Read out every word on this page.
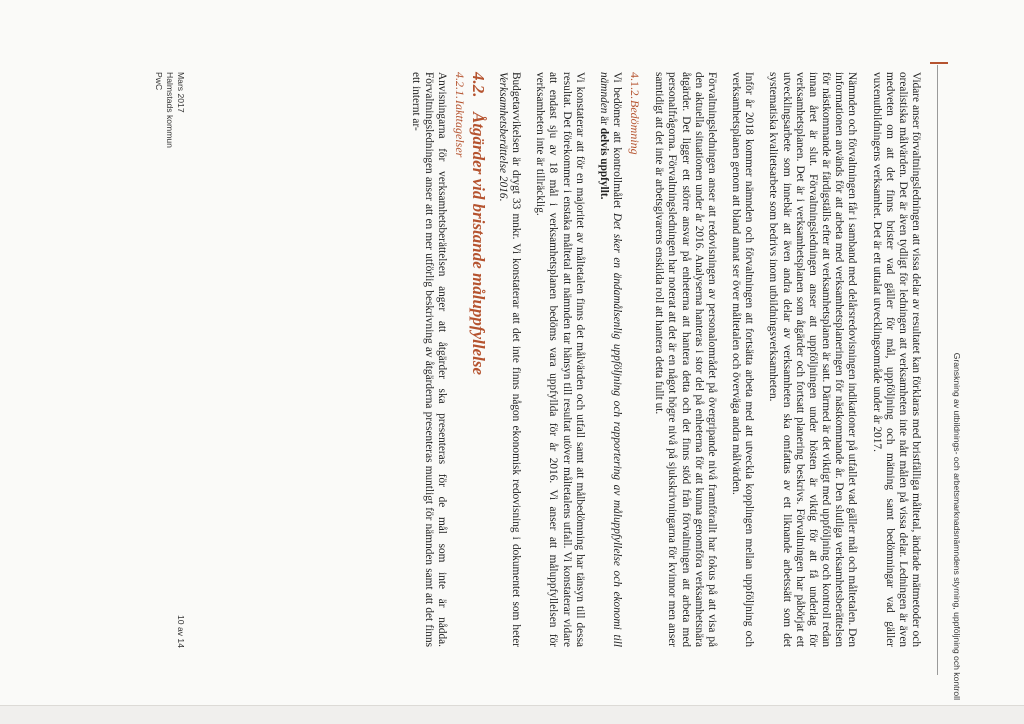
Granskning av utbildnings- och arbetsmarknadsnämndens styrning, uppföljning och kontroll

Vidare anser förvaltningsledningen att vissa delar av resultatet kan förklaras med bristfälliga måltetal, ändrade mätmetoder och orealistiska målvärden. Det är även tydligt för ledningen att verksamheten inte nått målen på vissa delar. Ledningen är även medveten om att det finns brister vad gäller för mål, uppföljning och mätning samt bedömningar vad gäller vuxenutbildningens verksamhet. Det är ett uttalat utvecklingsområde under år 2017.

Nämnden och förvaltningen får i samband med delårsredovisningen indikationer på utfallet vad gäller mål och måltetalen. Den informationen används för att arbeta med verksamhetsplaneringen för nästkommande år. Den slutliga verksamhetsberättelsen för nästkommande är färdigställs efter att verksamhetsplanen är satt. Därmed är det viktigt med uppföljning och kontroll redan innan året är slut. Förvaltningsledningen anser att uppföljningen under hösten är viktig för att få underlag för verksamhetsplanen. Det är i verksamhetsplanen som åtgärder och fortsatt planering beskrivs. Förvaltningen har påbörjat ett utvecklingsarbete som innebär att även andra delar av verksamheten ska omfattas av ett liknande arbetssätt som det systematiska kvalitetsarbete som bedrivs inom utbildningsverksamheten.

Inför år 2018 kommer nämnden och förvaltningen att fortsätta arbeta med att utveckla kopplingen mellan uppföljning och verksamhetsplanen genom att bland annat ser över måltetalen och överväga andra målvärden.

Förvaltningsledningen anser att redovisningen av personalområdet på övergripande nivå framförallt har fokus på att visa på den aktuella situationen under år 2016. Analyserna hanteras i stor del på enheterna för att kunna genomföra verksamhetsnära åtgärder. Det ligger ett större ansvar på enheterna att hantera detta och det finns stöd från förvaltningen att arbeta med personalfrågorna. Förvaltningsledningen har noterat att det är en något högre nivå på sjukskrivningarna för kvinnor men anser samtidigt att det inte är arbetsgivarens enskilda roll att hantera detta fullt ut.

4.1.2.Bedömning

Vi bedömer att kontrollmålet Det sker en ändamålsenlig uppföljning och rapportering av måluppfyllelse och ekonomi till nämnden är delvis uppfyllt.

Vi konstaterar att för en majoritet av måltetalen finns det målvärden och utfall samt att målbedömning har tänsyn till dessa resultat. Det förekommer i enstaka måltetal att nämnden tar hänsyn till resultat utöver måltetalens utfall. Vi konstaterar vidare att endast sju av 18 mål i verksamhetsplanen bedöms vara uppfyllda för år 2016. Vi anser att måluppfyllelsen för verksamheten inte är tillräcklig.

Budgetavvikelsen är drygt 33 mnkr. Vi konstaterar att det inte finns någon ekonomisk redovisning i dokumentet som heter Verksamhetsberättelse 2016.

4.2.Åtgärder vid bristande måluppfyllelse
4.2.1.Iakttagelser

Anvisningarna för verksamhetsberättelsen anger att åtgärder ska presenteras för de mål som inte är nådda. Förvaltningsledningen anser att en mer utförlig beskrivning av åtgärderna presenteras muntligt för nämnden samt att det finns ett internt ar-

Mars 2017
Halmstads kommun
PwC
10 av 14
